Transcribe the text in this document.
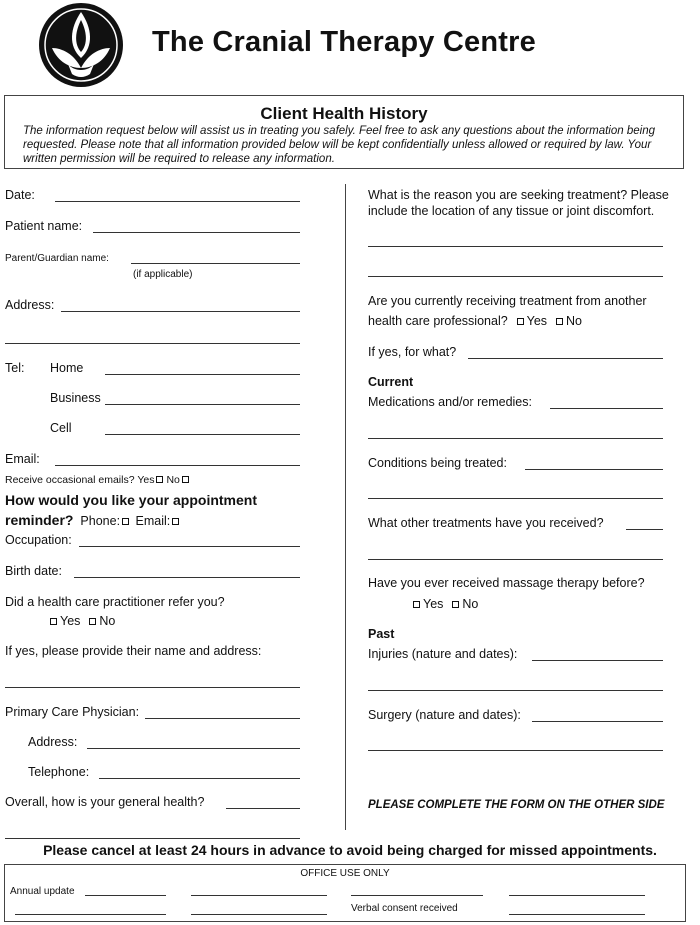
The Cranial Therapy Centre
Client Health History
The information request below will assist us in treating you safely. Feel free to ask any questions about the information being requested. Please note that all information provided below will be kept confidentially unless allowed or required by law. Your written permission will be required to release any information.
Date:
Patient name:
Parent/Guardian name:
(if applicable)
Address:
Tel: Home
Business
Cell
Email:
Receive occasional emails? Yes No
How would you like your appointment
reminder? Phone: Email:
Occupation:
Birth date:
Did a health care practitioner refer you?
Yes No
If yes, please provide their name and address:
Primary Care Physician:
Address:
Telephone:
Overall, how is your general health?
What is the reason you are seeking treatment? Please
include the location of any tissue or joint discomfort.
Are you currently receiving treatment from another
health care professional? Yes No
If yes, for what?
Current
Medications and/or remedies:
Conditions being treated:
What other treatments have you received?
Have you ever received massage therapy before?
Yes No
Past
Injuries (nature and dates):
Surgery (nature and dates):
PLEASE COMPLETE THE FORM ON THE OTHER SIDE
Please cancel at least 24 hours in advance to avoid being charged for missed appointments.
OFFICE USE ONLY
Annual update
Verbal consent received
